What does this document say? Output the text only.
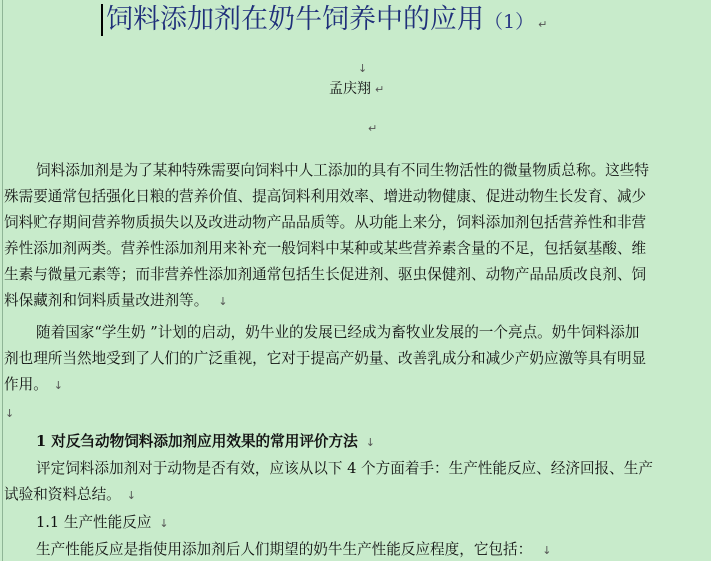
饲料添加剂在奶牛饲养中的应用（1） ↵
↓
孟庆翔 ↵
↵
饲料添加剂是为了某种特殊需要向饲料中人工添加的具有不同生物活性的微量物质总称。这些特
殊需要通常包括强化日粮的营养价值、提高饲料利用效率、增进动物健康、促进动物生长发育、减少
饲料贮存期间营养物质损失以及改进动物产品品质等。从功能上来分，饲料添加剂包括营养性和非营
养性添加剂两类。营养性添加剂用来补充一般饲料中某种或某些营养素含量的不足，包括氨基酸、维
生素与微量元素等；而非营养性添加剂通常包括生长促进剂、驱虫保健剂、动物产品品质改良剂、饲
料保藏剂和饲料质量改进剂等。 ↓
随着国家“学生奶 ”计划的启动，奶牛业的发展已经成为畜牧业发展的一个亮点。奶牛饲料添加
剂也理所当然地受到了人们的广泛重视，它对于提高产奶量、改善乳成分和减少产奶应激等具有明显
作用。 ↓
↓
1 对反刍动物饲料添加剂应用效果的常用评价方法 ↓
评定饲料添加剂对于动物是否有效，应该从以下 4 个方面着手：生产性能反应、经济回报、生产
试验和资料总结。 ↓
1.1 生产性能反应 ↓
生产性能反应是指使用添加剂后人们期望的奶牛生产性能反应程度，它包括： ↓
